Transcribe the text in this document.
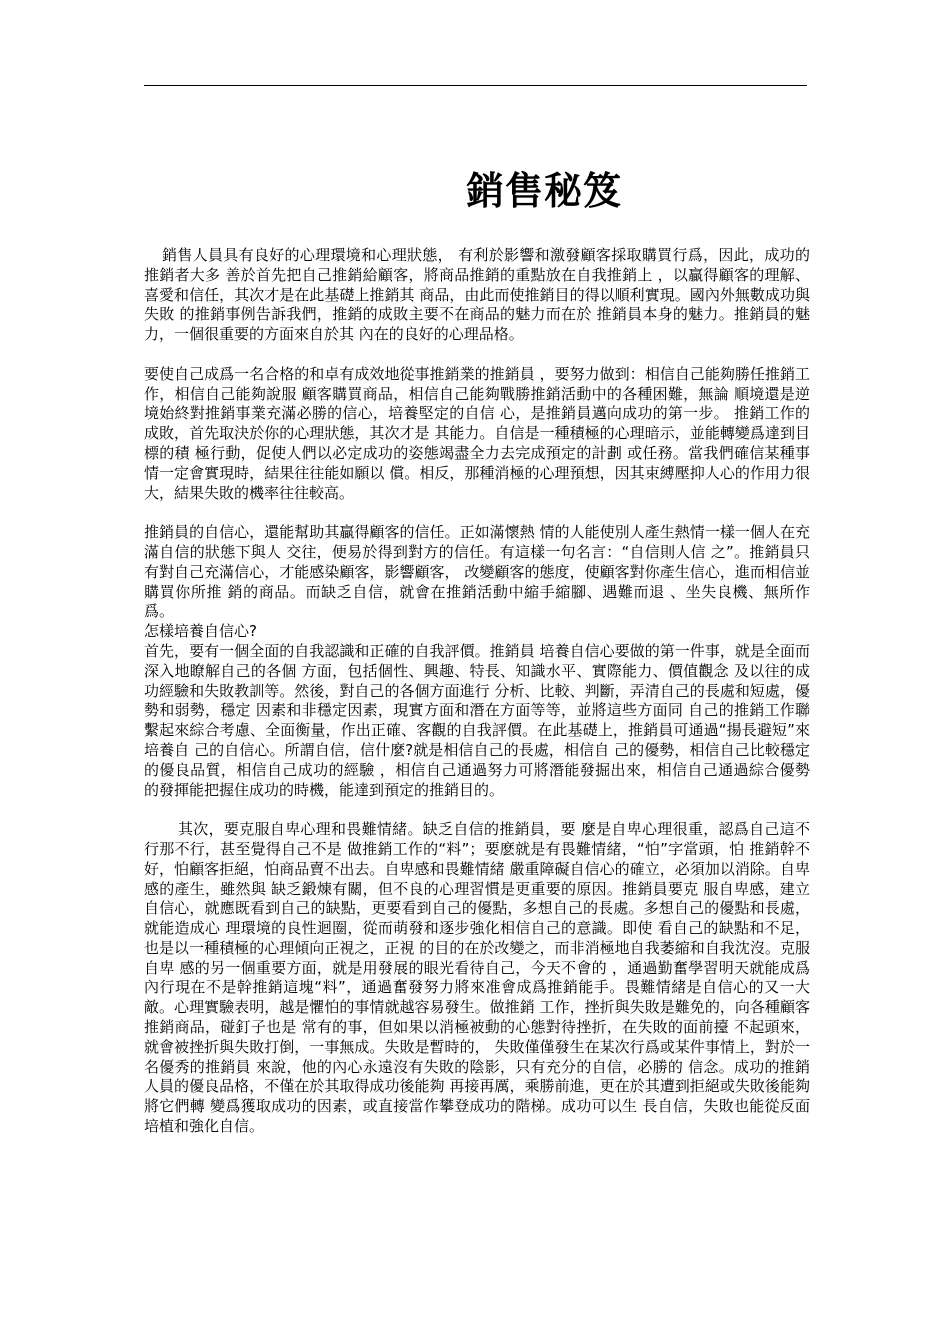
銷售秘笈

銷售人員具有良好的心理環境和心理狀態， 有利於影響和激發顧客採取購買行爲，因此，成功的推銷者大多 善於首先把自己推銷給顧客，將商品推銷的重點放在自我推銷上 ，以贏得顧客的理解、喜愛和信任，其次才是在此基礎上推銷其 商品，由此而使推銷目的得以順利實現。國內外無數成功與失敗 的推銷事例告訴我們，推銷的成敗主要不在商品的魅力而在於 推銷員本身的魅力。推銷員的魅力，一個很重要的方面來自於其 內在的良好的心理品格。

要使自己成爲一名合格的和卓有成效地從事推銷業的推銷員 ，要努力做到：相信自己能夠勝任推銷工作，相信自己能夠說服 顧客購買商品，相信自己能夠戰勝推銷活動中的各種困難，無論 順境還是逆境始終對推銷事業充滿必勝的信心，培養堅定的自信 心，是推銷員邁向成功的第一步。 推銷工作的成敗，首先取決於你的心理狀態，其次才是 其能力。自信是一種積極的心理暗示，並能轉變爲達到目標的積 極行動，促使人們以必定成功的姿態竭盡全力去完成預定的計劃 或任務。當我們確信某種事情一定會實現時，結果往往能如願以 償。相反，那種消極的心理預想，因其束縛壓抑人心的作用力很 大，結果失敗的機率往往較高。

推銷員的自信心，還能幫助其贏得顧客的信任。正如滿懷熱 情的人能使別人產生熱情一樣一個人在充滿自信的狀態下與人 交往，便易於得到對方的信任。有這樣一句名言：“自信則人信 之”。推銷員只有對自己充滿信心，才能感染顧客，影響顧客， 改變顧客的態度，使顧客對你產生信心，進而相信並購買你所推 銷的商品。而缺乏自信，就會在推銷活動中縮手縮腳、遇難而退 、坐失良機、無所作爲。

怎樣培養自信心?

首先，要有一個全面的自我認識和正確的自我評價。推銷員 培養自信心要做的第一件事，就是全面而深入地瞭解自己的各個 方面，包括個性、興趣、特長、知識水平、實際能力、價值觀念 及以往的成功經驗和失敗教訓等。然後，對自己的各個方面進行 分析、比較、判斷，弄清自己的長處和短處，優勢和弱勢，穩定 因素和非穩定因素，現實方面和潛在方面等等，並將這些方面同 自己的推銷工作聯繫起來綜合考慮、全面衡量，作出正確、客觀的自我評價。在此基礎上，推銷員可通過“揚長避短”來培養自 己的自信心。所謂自信，信什麼?就是相信自己的長處，相信自 己的優勢，相信自己比較穩定的優良品質，相信自己成功的經驗 ，相信自己通過努力可將潛能發掘出來，相信自己通過綜合優勢 的發揮能把握住成功的時機，能達到預定的推銷目的。

其次，要克服自卑心理和畏難情緒。缺乏自信的推銷員，要 麼是自卑心理很重，認爲自己這不行那不行，甚至覺得自己不是 做推銷工作的“料”；要麽就是有畏難情緒，“怕”字當頭，怕 推銷幹不好，怕顧客拒絕，怕商品賣不出去。自卑感和畏難情緒 嚴重障礙自信心的確立，必須加以消除。自卑感的產生，雖然與 缺乏鍛煉有關，但不良的心理習慣是更重要的原因。推銷員要克 服自卑感，建立自信心，就應既看到自己的缺點，更要看到自己的優點，多想自己的長處。多想自己的優點和長處，就能造成心 理環境的良性迴圈，從而萌發和逐步強化相信自己的意識。即使 看自己的缺點和不足，也是以一種積極的心理傾向正視之，正視 的目的在於改變之，而非消極地自我萎縮和自我沈沒。克服自卑 感的另一個重要方面，就是用發展的眼光看待自己，今天不會的 ，通過勤奮學習明天就能成爲內行現在不是幹推銷這塊“料”，通過奮發努力將來准會成爲推銷能手。畏難情緒是自信心的又一大敵。心理實驗表明，越是懼怕的事情就越容易發生。做推銷 工作，挫折與失敗是難免的，向各種顧客推銷商品，碰釘子也是 常有的事，但如果以消極被動的心態對待挫折，在失敗的面前擡 不起頭來，就會被挫折與失敗打倒，一事無成。失敗是暫時的， 失敗僅僅發生在某次行爲或某件事情上，對於一名優秀的推銷員 來說，他的內心永遠沒有失敗的陰影，只有充分的自信，必勝的 信念。成功的推銷人員的優良品格，不僅在於其取得成功後能夠 再接再厲，乘勝前進，更在於其遭到拒絕或失敗後能夠將它們轉 變爲獲取成功的因素，或直接當作攀登成功的階梯。成功可以生 長自信，失敗也能從反面培植和強化自信。
